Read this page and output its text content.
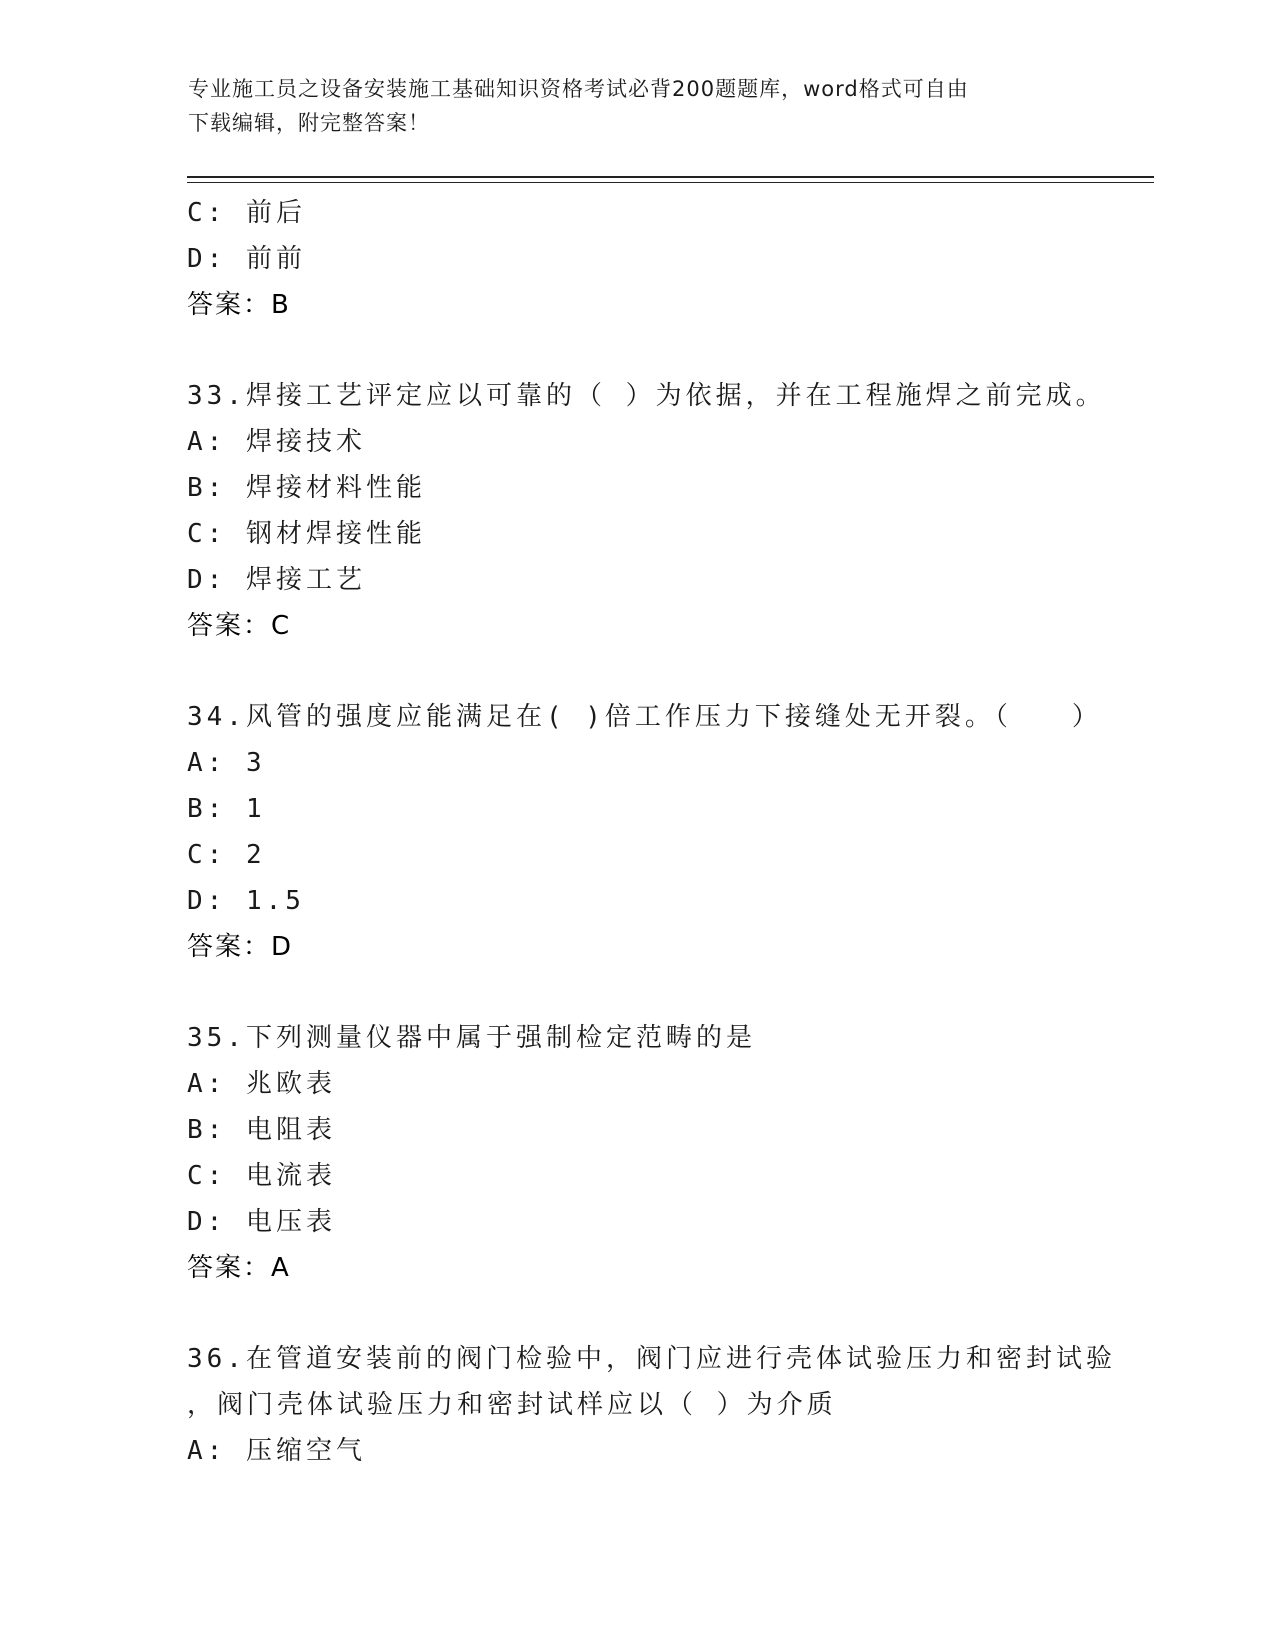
专业施工员之设备安装施工基础知识资格考试必背200题题库，word格式可自由
下载编辑，附完整答案！
C: 前后
D: 前前
答案：B
33.焊接工艺评定应以可靠的（ ）为依据，并在工程施焊之前完成。
A: 焊接技术
B: 焊接材料性能
C: 钢材焊接性能
D: 焊接工艺
答案：C
34.风管的强度应能满足在( )倍工作压力下接缝处无开裂。（　　）
A: 3
B: 1
C: 2
D: 1.5
答案：D
35.下列测量仪器中属于强制检定范畴的是
A: 兆欧表
B: 电阻表
C: 电流表
D: 电压表
答案：A
36.在管道安装前的阀门检验中，阀门应进行壳体试验压力和密封试验
，阀门壳体试验压力和密封试样应以（ ）为介质
A: 压缩空气
